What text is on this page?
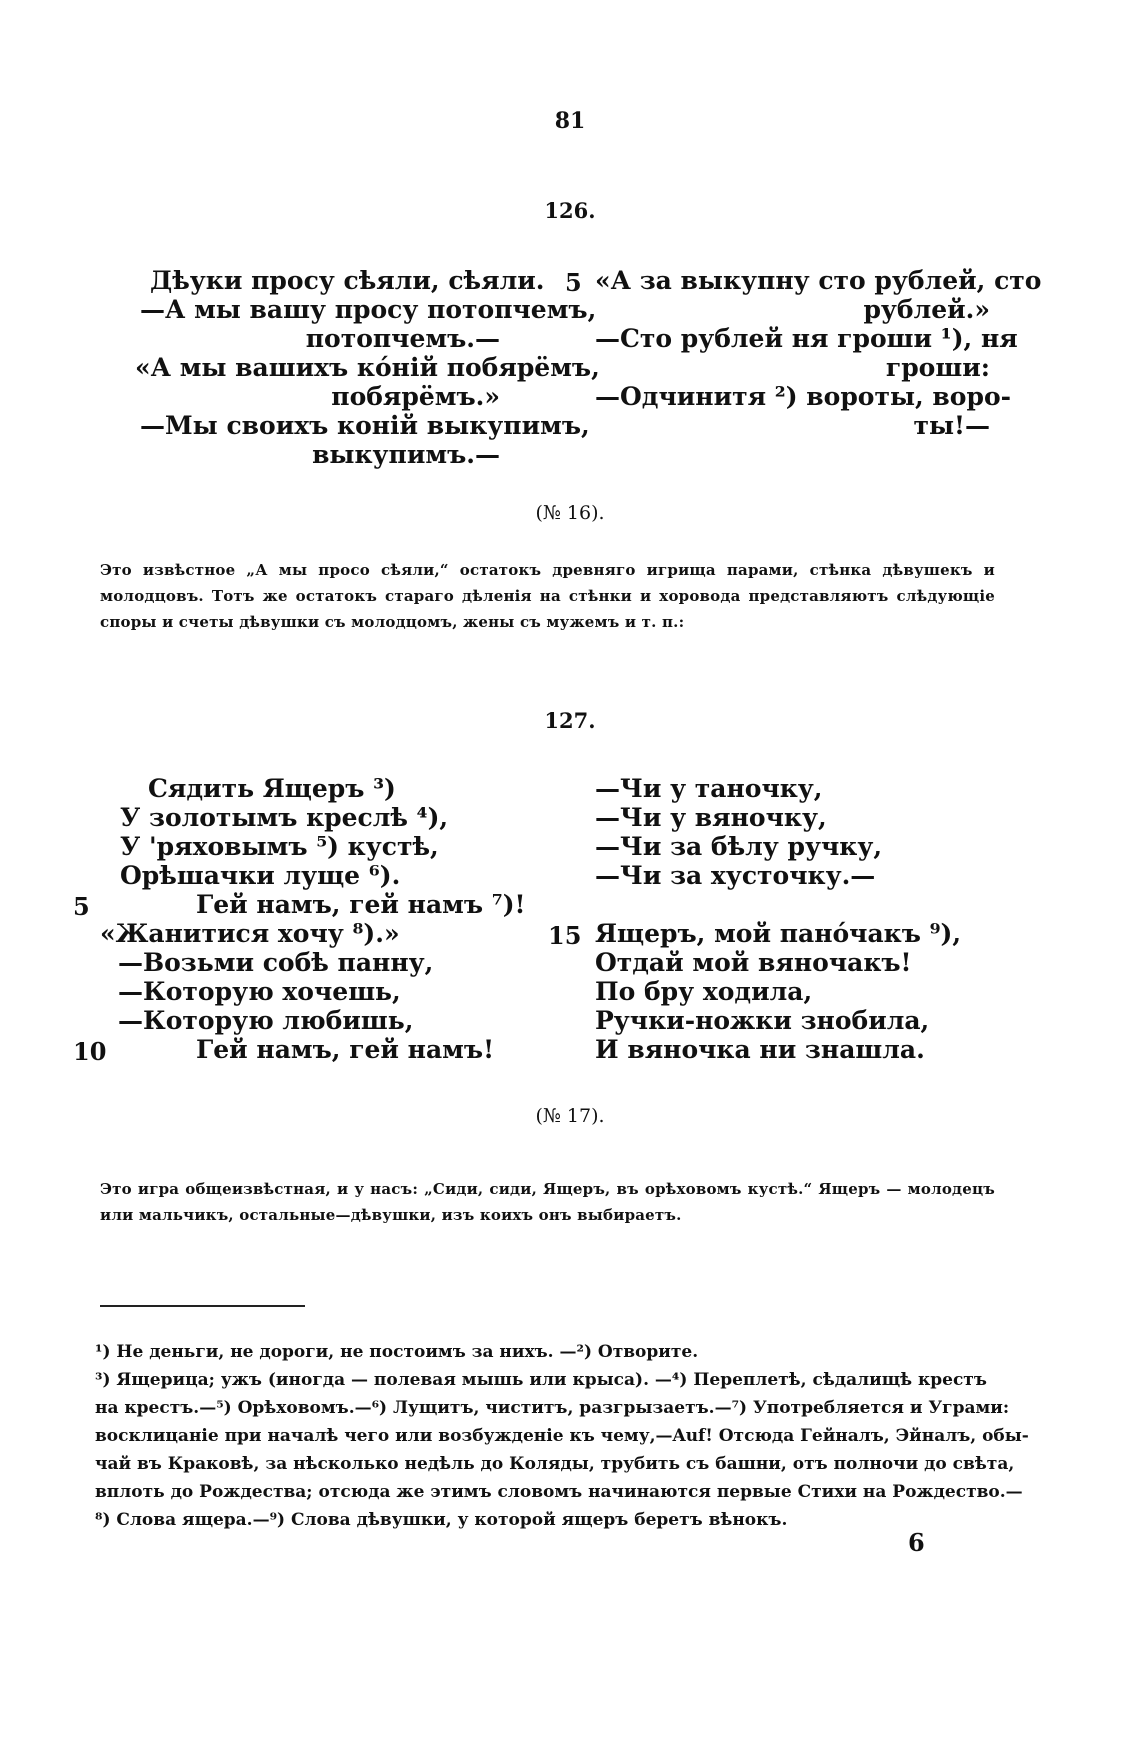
81
126.
Дѣуки просу сѣяли, сѣяли.
—А мы вашу просу потопчемъ,
потопчемъ.—
«А мы вашихъ кóній побярёмъ,
побярёмъ.»
—Мы своихъ коній выкупимъ,
выкупимъ.—
5 «А за выкупну сто рублей, сто
рублей.»
—Сто рублей ня гроши ¹), ня
гроши:
—Одчинитя ²) вороты, воро-
ты!—
(№ 16).
Это извѣстное „А мы просо сѣяли,“ остатокъ древняго игрища парами, стѣнка дѣвушекъ и молодцовъ. Тотъ же остатокъ стараго дѣленія на стѣнки и хоровода представляютъ слѣдующіе споры и счеты дѣвушки съ молодцомъ, жены съ мужемъ и т. п.:
127.
Сядить Ящеръ ³)
У золотымъ креслѣ ⁴),
У 'ряховымъ ⁵) кустѣ,
Орѣшачки луще ⁶).
Гей намъ, гей намъ ⁷)!
«Жанитися хочу ⁸).»
—Возьми собѣ панну,
—Которую хочешь,
—Которую любишь,
Гей намъ, гей намъ!
5
10
15
—Чи у таночку,
—Чи у вяночку,
—Чи за бѣлу ручку,
—Чи за хусточку.—
Ящеръ, мой панóчакъ ⁹),
Отдай мой вяночакъ!
По бру ходила,
Ручки-ножки знобила,
И вяночка ни знашла.
(№ 17).
Это игра общеизвѣстная, и у насъ: „Сиди, сиди, Ящеръ, въ орѣховомъ кустѣ.“ Ящеръ — молодецъ или мальчикъ, остальные—дѣвушки, изъ коихъ онъ выбираетъ.
¹) Не деньги, не дороги, не постоимъ за нихъ. —²) Отворите.
³) Ящерица; ужъ (иногда — полевая мышь или крыса). —⁴) Переплетѣ, сѣдалищѣ крестъ
на крестъ.—⁵) Орѣховомъ.—⁶) Лущитъ, чиститъ, разгрызаетъ.—⁷) Употребляется и Уграми:
восклицаніе при началѣ чего или возбужденіе къ чему,—Auf! Отсюда Гейналъ, Эйналъ, обы-
чай въ Краковѣ, за нѣсколько недѣль до Коляды, трубить съ башни, отъ полночи до свѣта,
вплоть до Рождества; отсюда же этимъ словомъ начинаются первые Стихи на Рождество.—
⁸) Слова ящера.—⁹) Слова дѣвушки, у которой ящеръ беретъ вѣнокъ.
6
